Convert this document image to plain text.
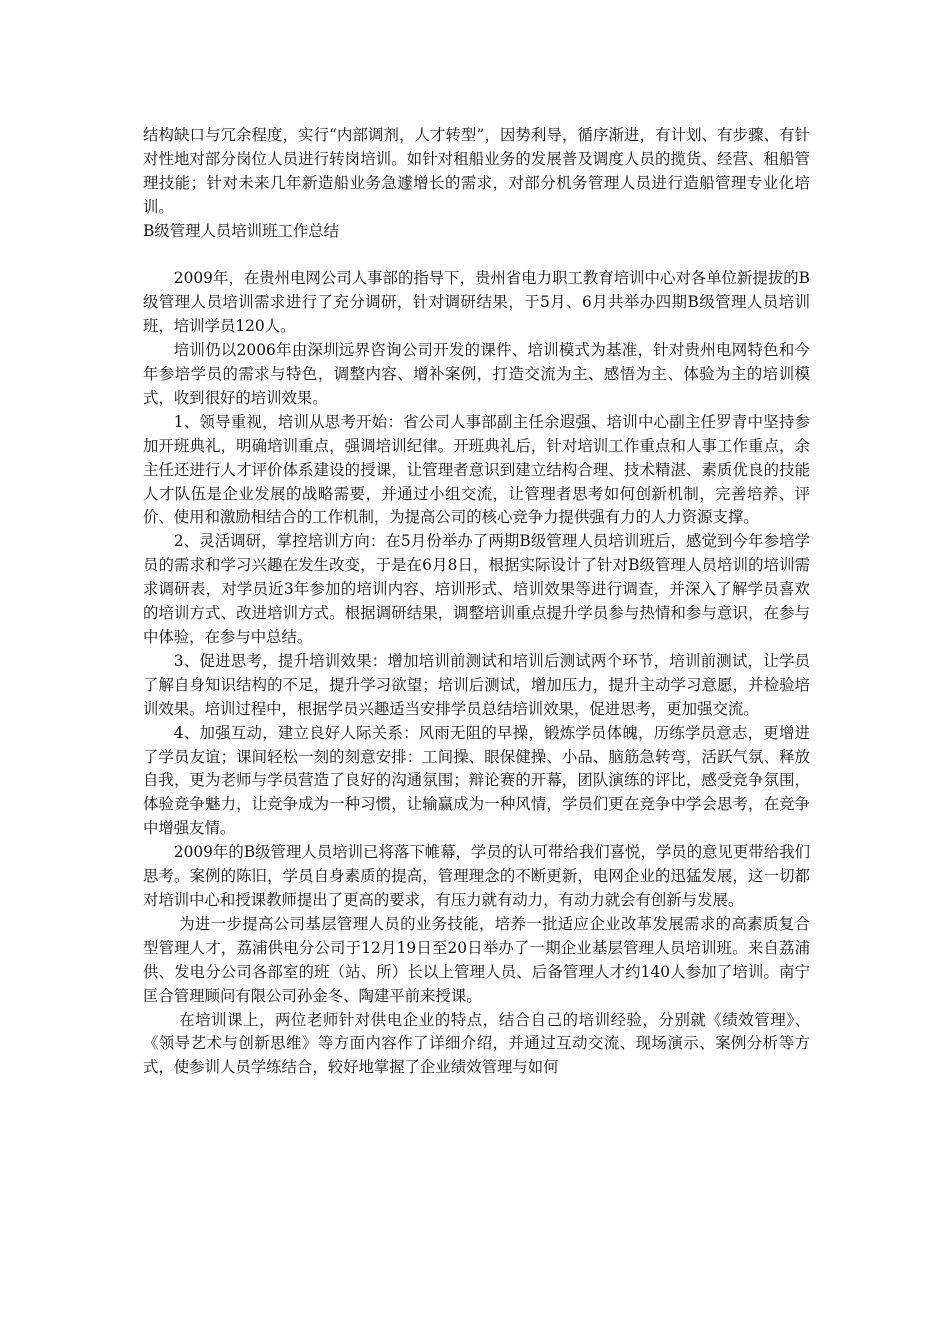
结构缺口与冗余程度，实行“内部调剂，人才转型”，因势利导，循序渐进，有计划、有步骤、有针对性地对部分岗位人员进行转岗培训。如针对租船业务的发展普及调度人员的揽货、经营、租船管理技能；针对未来几年新造船业务急遽增长的需求，对部分机务管理人员进行造船管理专业化培训。

B级管理人员培训班工作总结

2009年，在贵州电网公司人事部的指导下，贵州省电力职工教育培训中心对各单位新提拔的B级管理人员培训需求进行了充分调研，针对调研结果，于5月、6月共举办四期B级管理人员培训班，培训学员120人。

培训仍以2006年由深圳远界咨询公司开发的课件、培训模式为基准，针对贵州电网特色和今年参培学员的需求与特色，调整内容、增补案例，打造交流为主、感悟为主、体验为主的培训模式，收到很好的培训效果。

1、领导重视，培训从思考开始：省公司人事部副主任余遐强、培训中心副主任罗青中坚持参加开班典礼，明确培训重点，强调培训纪律。开班典礼后，针对培训工作重点和人事工作重点，余主任还进行人才评价体系建设的授课，让管理者意识到建立结构合理、技术精湛、素质优良的技能人才队伍是企业发展的战略需要，并通过小组交流，让管理者思考如何创新机制，完善培养、评价、使用和激励相结合的工作机制，为提高公司的核心竞争力提供强有力的人力资源支撑。

2、灵活调研，掌控培训方向：在5月份举办了两期B级管理人员培训班后，感觉到今年参培学员的需求和学习兴趣在发生改变，于是在6月8日，根据实际设计了针对B级管理人员培训的培训需求调研表，对学员近3年参加的培训内容、培训形式、培训效果等进行调查，并深入了解学员喜欢的培训方式、改进培训方式。根据调研结果，调整培训重点提升学员参与热情和参与意识，在参与中体验，在参与中总结。

3、促进思考，提升培训效果：增加培训前测试和培训后测试两个环节，培训前测试，让学员了解自身知识结构的不足，提升学习欲望；培训后测试，增加压力，提升主动学习意愿，并检验培训效果。培训过程中，根据学员兴趣适当安排学员总结培训效果，促进思考，更加强交流。

4、加强互动，建立良好人际关系：风雨无阻的早操，锻炼学员体魄，历练学员意志，更增进了学员友谊；课间轻松一刻的刻意安排：工间操、眼保健操、小品、脑筋急转弯，活跃气氛、释放自我，更为老师与学员营造了良好的沟通氛围；辩论赛的开幕，团队演练的评比，感受竞争氛围，体验竞争魅力，让竞争成为一种习惯，让输赢成为一种风情，学员们更在竞争中学会思考，在竞争中增强友情。

2009年的B级管理人员培训已将落下帷幕，学员的认可带给我们喜悦，学员的意见更带给我们思考。案例的陈旧，学员自身素质的提高，管理理念的不断更新，电网企业的迅猛发展，这一切都对培训中心和授课教师提出了更高的要求，有压力就有动力，有动力就会有创新与发展。

为进一步提高公司基层管理人员的业务技能，培养一批适应企业改革发展需求的高素质复合型管理人才，荔浦供电分公司于12月19日至20日举办了一期企业基层管理人员培训班。来自荔浦供、发电分公司各部室的班（站、所）长以上管理人员、后备管理人才约140人参加了培训。南宁匡合管理顾问有限公司孙金冬、陶建平前来授课。

在培训课上，两位老师针对供电企业的特点，结合自己的培训经验，分别就《绩效管理》、《领导艺术与创新思维》等方面内容作了详细介绍，并通过互动交流、现场演示、案例分析等方式，使参训人员学练结合，较好地掌握了企业绩效管理与如何
